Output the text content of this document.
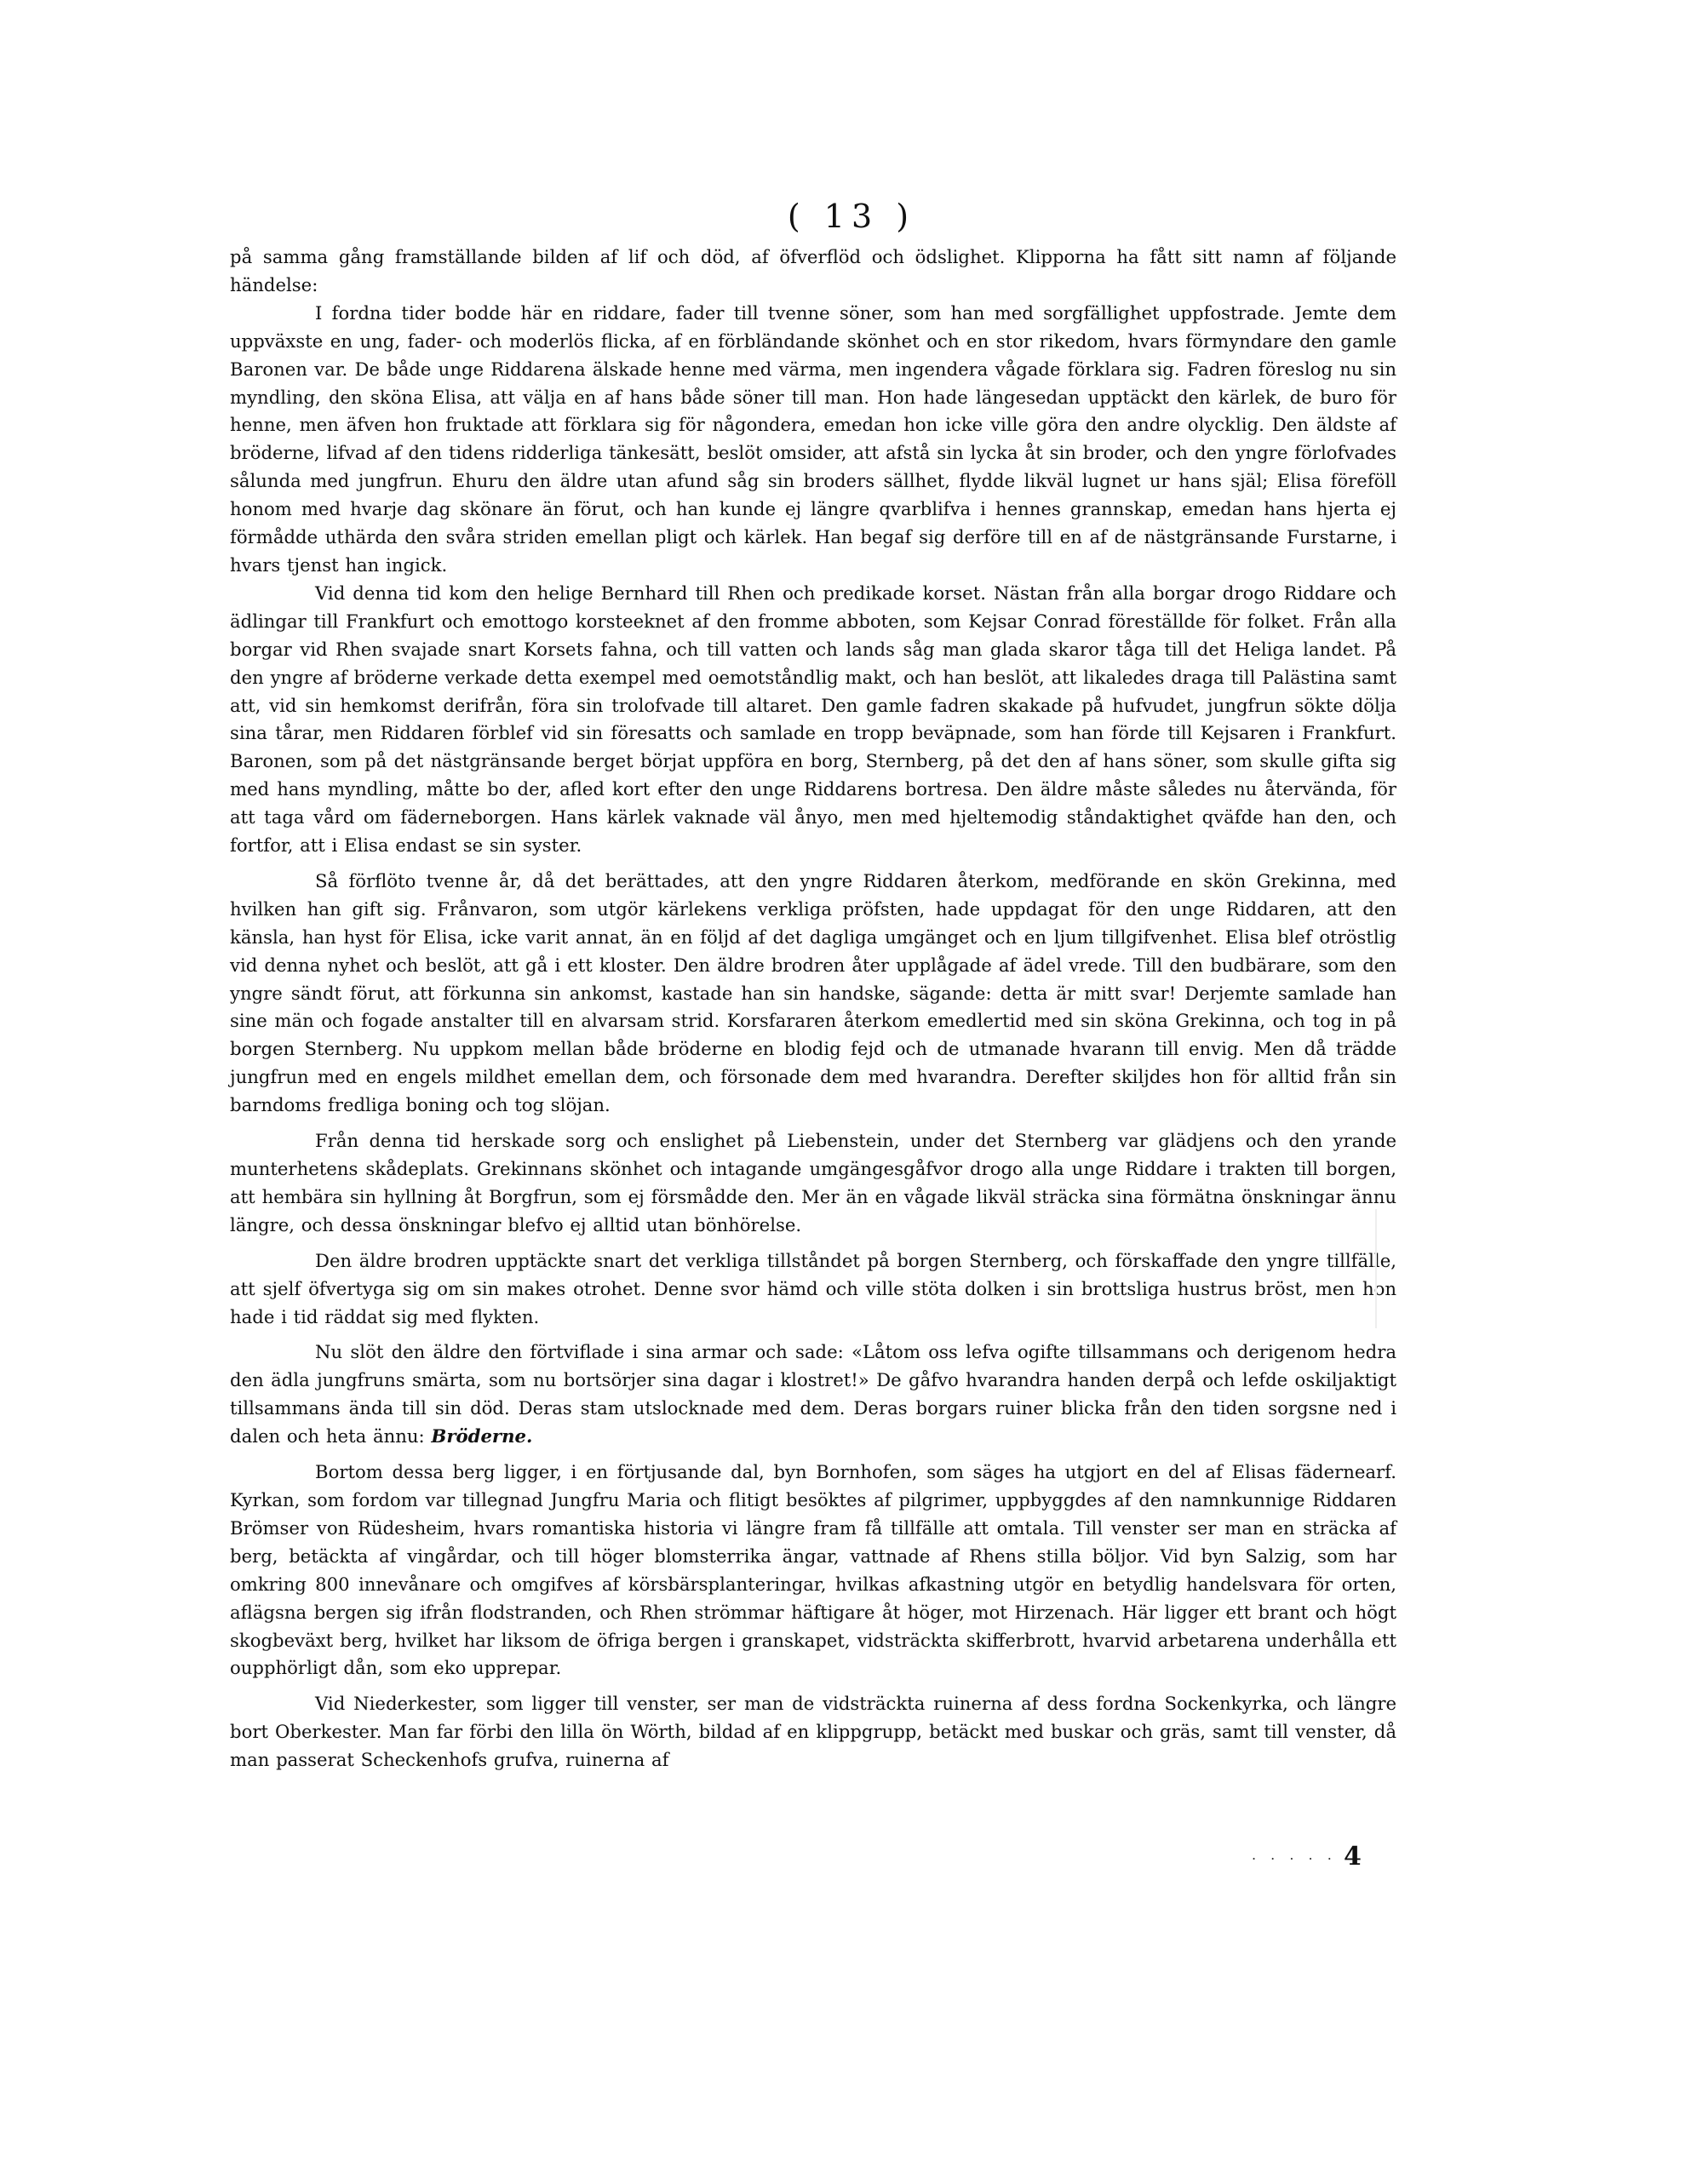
( 13 )

på samma gång framställande bilden af lif och död, af öfverflöd och ödslighet. Klipporna ha fått sitt namn af följande händelse:

I fordna tider bodde här en riddare, fader till tvenne söner, som han med sorgfällighet uppfostrade. Jemte dem uppväxste en ung, fader- och moderlös flicka, af en förbländande skönhet och en stor rikedom, hvars förmyndare den gamle Baronen var. De både unge Riddarena älskade henne med värma, men ingendera vågade förklara sig. Fadren föreslog nu sin myndling, den sköna Elisa, att välja en af hans både söner till man. Hon hade längesedan upptäckt den kärlek, de buro för henne, men äfven hon fruktade att förklara sig för någondera, emedan hon icke ville göra den andre olycklig. Den äldste af bröderne, lifvad af den tidens ridderliga tänkesätt, beslöt omsider, att afstå sin lycka åt sin broder, och den yngre förlofvades sålunda med jungfrun. Ehuru den äldre utan afund såg sin broders sällhet, flydde likväl lugnet ur hans själ; Elisa föreföll honom med hvarje dag skönare än förut, och han kunde ej längre qvarblifva i hennes grannskap, emedan hans hjerta ej förmådde uthärda den svåra striden emellan pligt och kärlek. Han begaf sig derföre till en af de nästgränsande Furstarne, i hvars tjenst han ingick.

Vid denna tid kom den helige Bernhard till Rhen och predikade korset. Nästan från alla borgar drogo Riddare och ädlingar till Frankfurt och emottogo korsteeknet af den fromme abboten, som Kejsar Conrad föreställde för folket. Från alla borgar vid Rhen svajade snart Korsets fahna, och till vatten och lands såg man glada skaror tåga till det Heliga landet. På den yngre af bröderne verkade detta exempel med oemotståndlig makt, och han beslöt, att likaledes draga till Palästina samt att, vid sin hemkomst derifrån, föra sin trolofvade till altaret. Den gamle fadren skakade på hufvudet, jungfrun sökte dölja sina tårar, men Riddaren förblef vid sin föresatts och samlade en tropp beväpnade, som han förde till Kejsaren i Frankfurt. Baronen, som på det nästgränsande berget börjat uppföra en borg, Sternberg, på det den af hans söner, som skulle gifta sig med hans myndling, måtte bo der, afled kort efter den unge Riddarens bortresa. Den äldre måste således nu återvända, för att taga vård om fäderneborgen. Hans kärlek vaknade väl ånyo, men med hjeltemodig ståndaktighet qväfde han den, och fortfor, att i Elisa endast se sin syster.

Så förflöto tvenne år, då det berättades, att den yngre Riddaren återkom, medförande en skön Grekinna, med hvilken han gift sig. Frånvaron, som utgör kärlekens verkliga pröfsten, hade uppdagat för den unge Riddaren, att den känsla, han hyst för Elisa, icke varit annat, än en följd af det dagliga umgänget och en ljum tillgifvenhet. Elisa blef otröstlig vid denna nyhet och beslöt, att gå i ett kloster. Den äldre brodren åter upplågade af ädel vrede. Till den budbärare, som den yngre sändt förut, att förkunna sin ankomst, kastade han sin handske, sägande: detta är mitt svar! Derjemte samlade han sine män och fogade anstalter till en alvarsam strid. Korsfararen återkom emedlertid med sin sköna Grekinna, och tog in på borgen Sternberg. Nu uppkom mellan både bröderne en blodig fejd och de utmanade hvarann till envig. Men då trädde jungfrun med en engels mildhet emellan dem, och försonade dem med hvarandra. Derefter skiljdes hon för alltid från sin barndoms fredliga boning och tog slöjan.

Från denna tid herskade sorg och enslighet på Liebenstein, under det Sternberg var glädjens och den yrande munterhetens skådeplats. Grekinnans skönhet och intagande umgängesgåfvor drogo alla unge Riddare i trakten till borgen, att hembära sin hyllning åt Borgfrun, som ej försmådde den. Mer än en vågade likväl sträcka sina förmätna önskningar ännu längre, och dessa önskningar blefvo ej alltid utan bönhörelse.

Den äldre brodren upptäckte snart det verkliga tillståndet på borgen Sternberg, och förskaffade den yngre tillfälle, att sjelf öfvertyga sig om sin makes otrohet. Denne svor hämd och ville stöta dolken i sin brottsliga hustrus bröst, men hon hade i tid räddat sig med flykten.

Nu slöt den äldre den förtviflade i sina armar och sade: «Låtom oss lefva ogifte tillsammans och derigenom hedra den ädla jungfruns smärta, som nu bortsörjer sina dagar i klostret!» De gåfvo hvarandra handen derpå och lefde oskiljaktigt tillsammans ända till sin död. Deras stam utslocknade med dem. Deras borgars ruiner blicka från den tiden sorgsne ned i dalen och heta ännu: Bröderne.

Bortom dessa berg ligger, i en förtjusande dal, byn Bornhofen, som säges ha utgjort en del af Elisas fädernearf. Kyrkan, som fordom var tillegnad Jungfru Maria och flitigt besöktes af pilgrimer, uppbyggdes af den namnkunnige Riddaren Brömser von Rüdesheim, hvars romantiska historia vi längre fram få tillfälle att omtala. Till venster ser man en sträcka af berg, betäckta af vingårdar, och till höger blomsterrika ängar, vattnade af Rhens stilla böljor. Vid byn Salzig, som har omkring 800 innevånare och omgifves af körsbärsplanteringar, hvilkas afkastning utgör en betydlig handelsvara för orten, aflägsna bergen sig ifrån flodstranden, och Rhen strömmar häftigare åt höger, mot Hirzenach. Här ligger ett brant och högt skogbeväxt berg, hvilket har liksom de öfriga bergen i granskapet, vidsträckta skifferbrott, hvarvid arbetarena underhålla ett oupphörligt dån, som eko upprepar.

Vid Niederkester, som ligger till venster, ser man de vidsträckta ruinerna af dess fordna Sockenkyrka, och längre bort Oberkester. Man far förbi den lilla ön Wörth, bildad af en klippgrupp, betäckt med buskar och gräs, samt till venster, då man passerat Scheckenhofs grufva, ruinerna af

. . . . . 4
